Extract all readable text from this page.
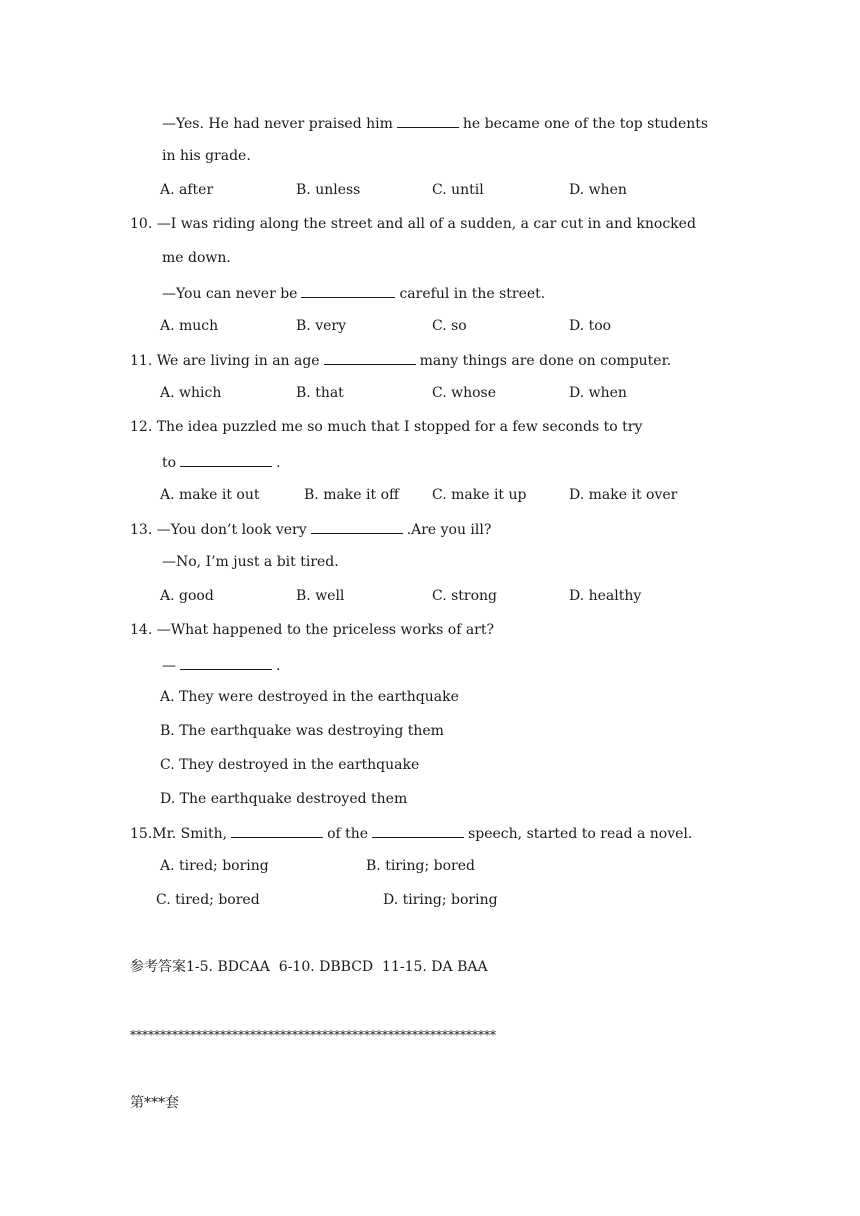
—Yes. He had never praised him	he became one of the top students
in his grade.
A. after	B. unless	C. until	D. when
10. —I was riding along the street and all of a sudden, a car cut in and knocked
me down.
—You can never be	careful in the street.
A. much	B. very	C. so	D. too
11. We are living in an age	many things are done on computer.
A. which	B. that	C. whose	D. when
12. The idea puzzled me so much that I stopped for a few seconds to try
to	.
A. make it out	B. make it off C. make it up	D. make it over
13. —You don’t look very	.Are you ill?
—No, I’m just a bit tired.
A. good	B. well	C. strong	D. healthy
14. —What happened to the priceless works of art?
—	.
A. They were destroyed in the earthquake
B. The earthquake was destroying them
C. They destroyed in the earthquake
D. The earthquake destroyed them
15.Mr. Smith,	of the	speech, started to read a novel.
A. tired; boring	B. tiring; bored
C. tired; bored	D. tiring; boring
参考答案1-5. BDCAA  6-10. DBBCD  11-15. DA BAA
*************************************************************
第***套
